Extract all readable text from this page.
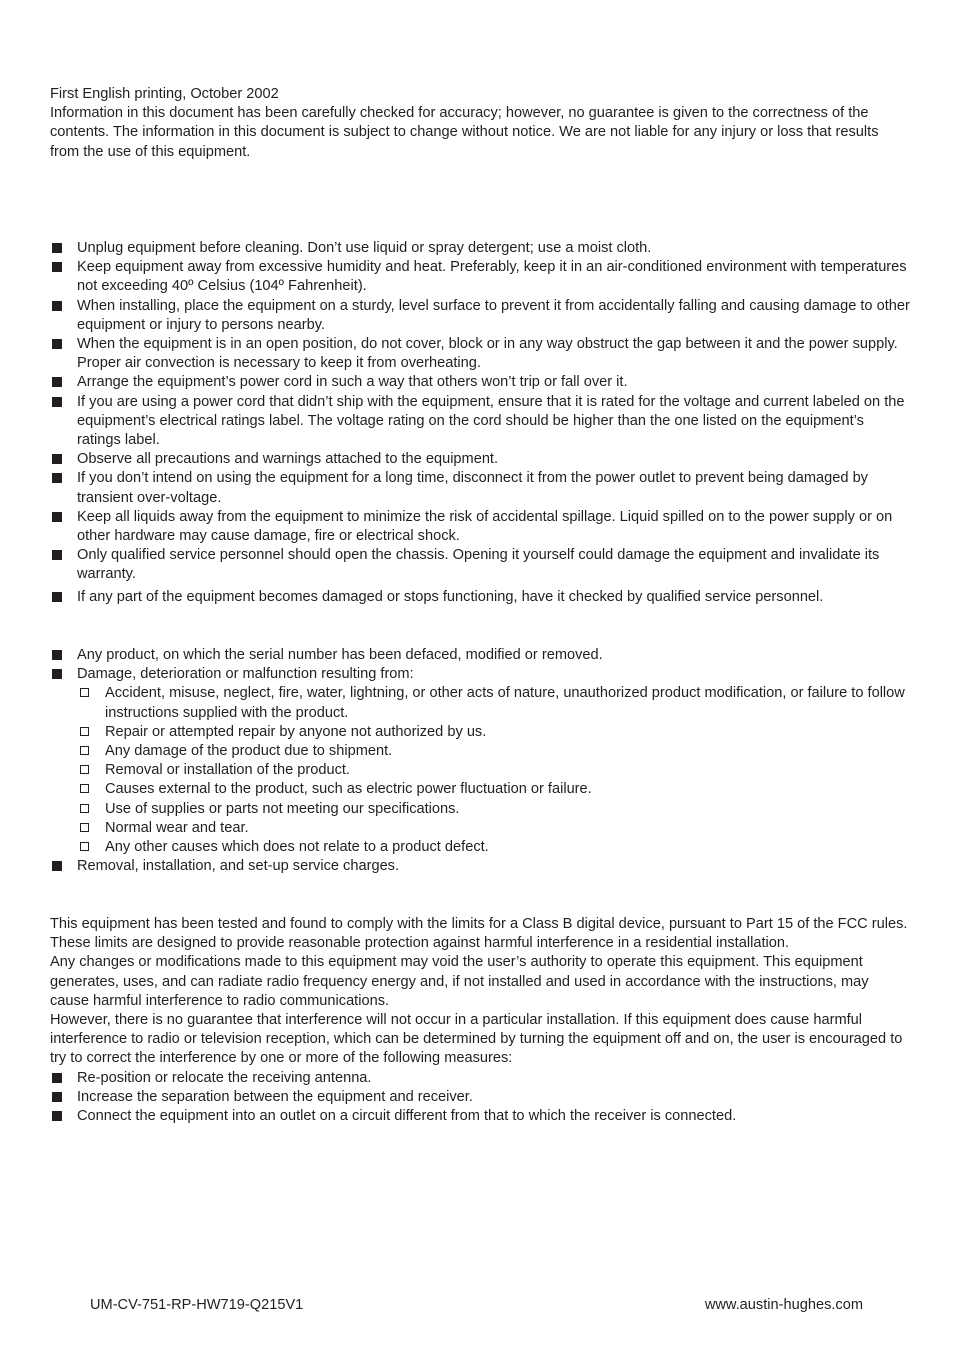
First English printing, October 2002

Information in this document has been carefully checked for accuracy; however, no guarantee is given to the correctness of the contents. The information in this document is subject to change without notice. We are not liable for any injury or loss that results from the use of this equipment.

Unplug equipment before cleaning. Don’t use liquid or spray detergent; use a moist cloth.
Keep equipment away from excessive humidity and heat. Preferably, keep it in an air-conditioned environment with temperatures not exceeding 40º Celsius (104º Fahrenheit).
When installing, place the equipment on a sturdy, level surface to prevent it from accidentally falling and causing damage to other equipment or injury to persons nearby.
When the equipment is in an open position, do not cover, block or in any way obstruct the gap between it and the power supply. Proper air convection is necessary to keep it from overheating.
Arrange the equipment’s power cord in such a way that others won’t trip or fall over it.
If you are using a power cord that didn’t ship with the equipment, ensure that it is rated for the voltage and current labeled on the equipment’s electrical ratings label. The voltage rating on the cord should be higher than the one listed on the equipment’s ratings label.
Observe all precautions and warnings attached to the equipment.
If you don’t intend on using the equipment for a long time, disconnect it from the power outlet to prevent being damaged by transient over-voltage.
Keep all liquids away from the equipment to minimize the risk of accidental spillage. Liquid spilled on to the power supply or on other hardware may cause damage, fire or electrical shock.
Only qualified service personnel should open the chassis. Opening it yourself could damage the equipment and invalidate its warranty.
If any part of the equipment becomes damaged or stops functioning, have it checked by qualified service personnel.
Any product, on which the serial number has been defaced, modified or removed.
Damage, deterioration or malfunction resulting from:
Accident, misuse, neglect, fire, water, lightning, or other acts of nature, unauthorized product modification, or failure to follow instructions supplied with the product.
Repair or attempted repair by anyone not authorized by us.
Any damage of the product due to shipment.
Removal or installation of the product.
Causes external to the product, such as electric power fluctuation or failure.
Use of supplies or parts not meeting our specifications.
Normal wear and tear.
Any other causes which does not relate to a product defect.
Removal, installation, and set-up service charges.

This equipment has been tested and found to comply with the limits for a Class B digital device, pursuant to Part 15 of the FCC rules. These limits are designed to provide reasonable protection against harmful interference in a residential installation.

Any changes or modifications made to this equipment may void the user’s authority to operate this equipment. This equipment generates, uses, and can radiate radio frequency energy and, if not installed and used in accordance with the instructions, may cause harmful interference to radio communications.

However, there is no guarantee that interference will not occur in a particular installation. If this equipment does cause harmful interference to radio or television reception, which can be determined by turning the equipment off and on, the user is encouraged to try to correct the interference by one or more of the following measures:

Re-position or relocate the receiving antenna.
Increase the separation between the equipment and receiver.
Connect the equipment into an outlet on a circuit different from that to which the receiver is connected.
UM-CV-751-RP-HW719-Q215V1	www.austin-hughes.com
